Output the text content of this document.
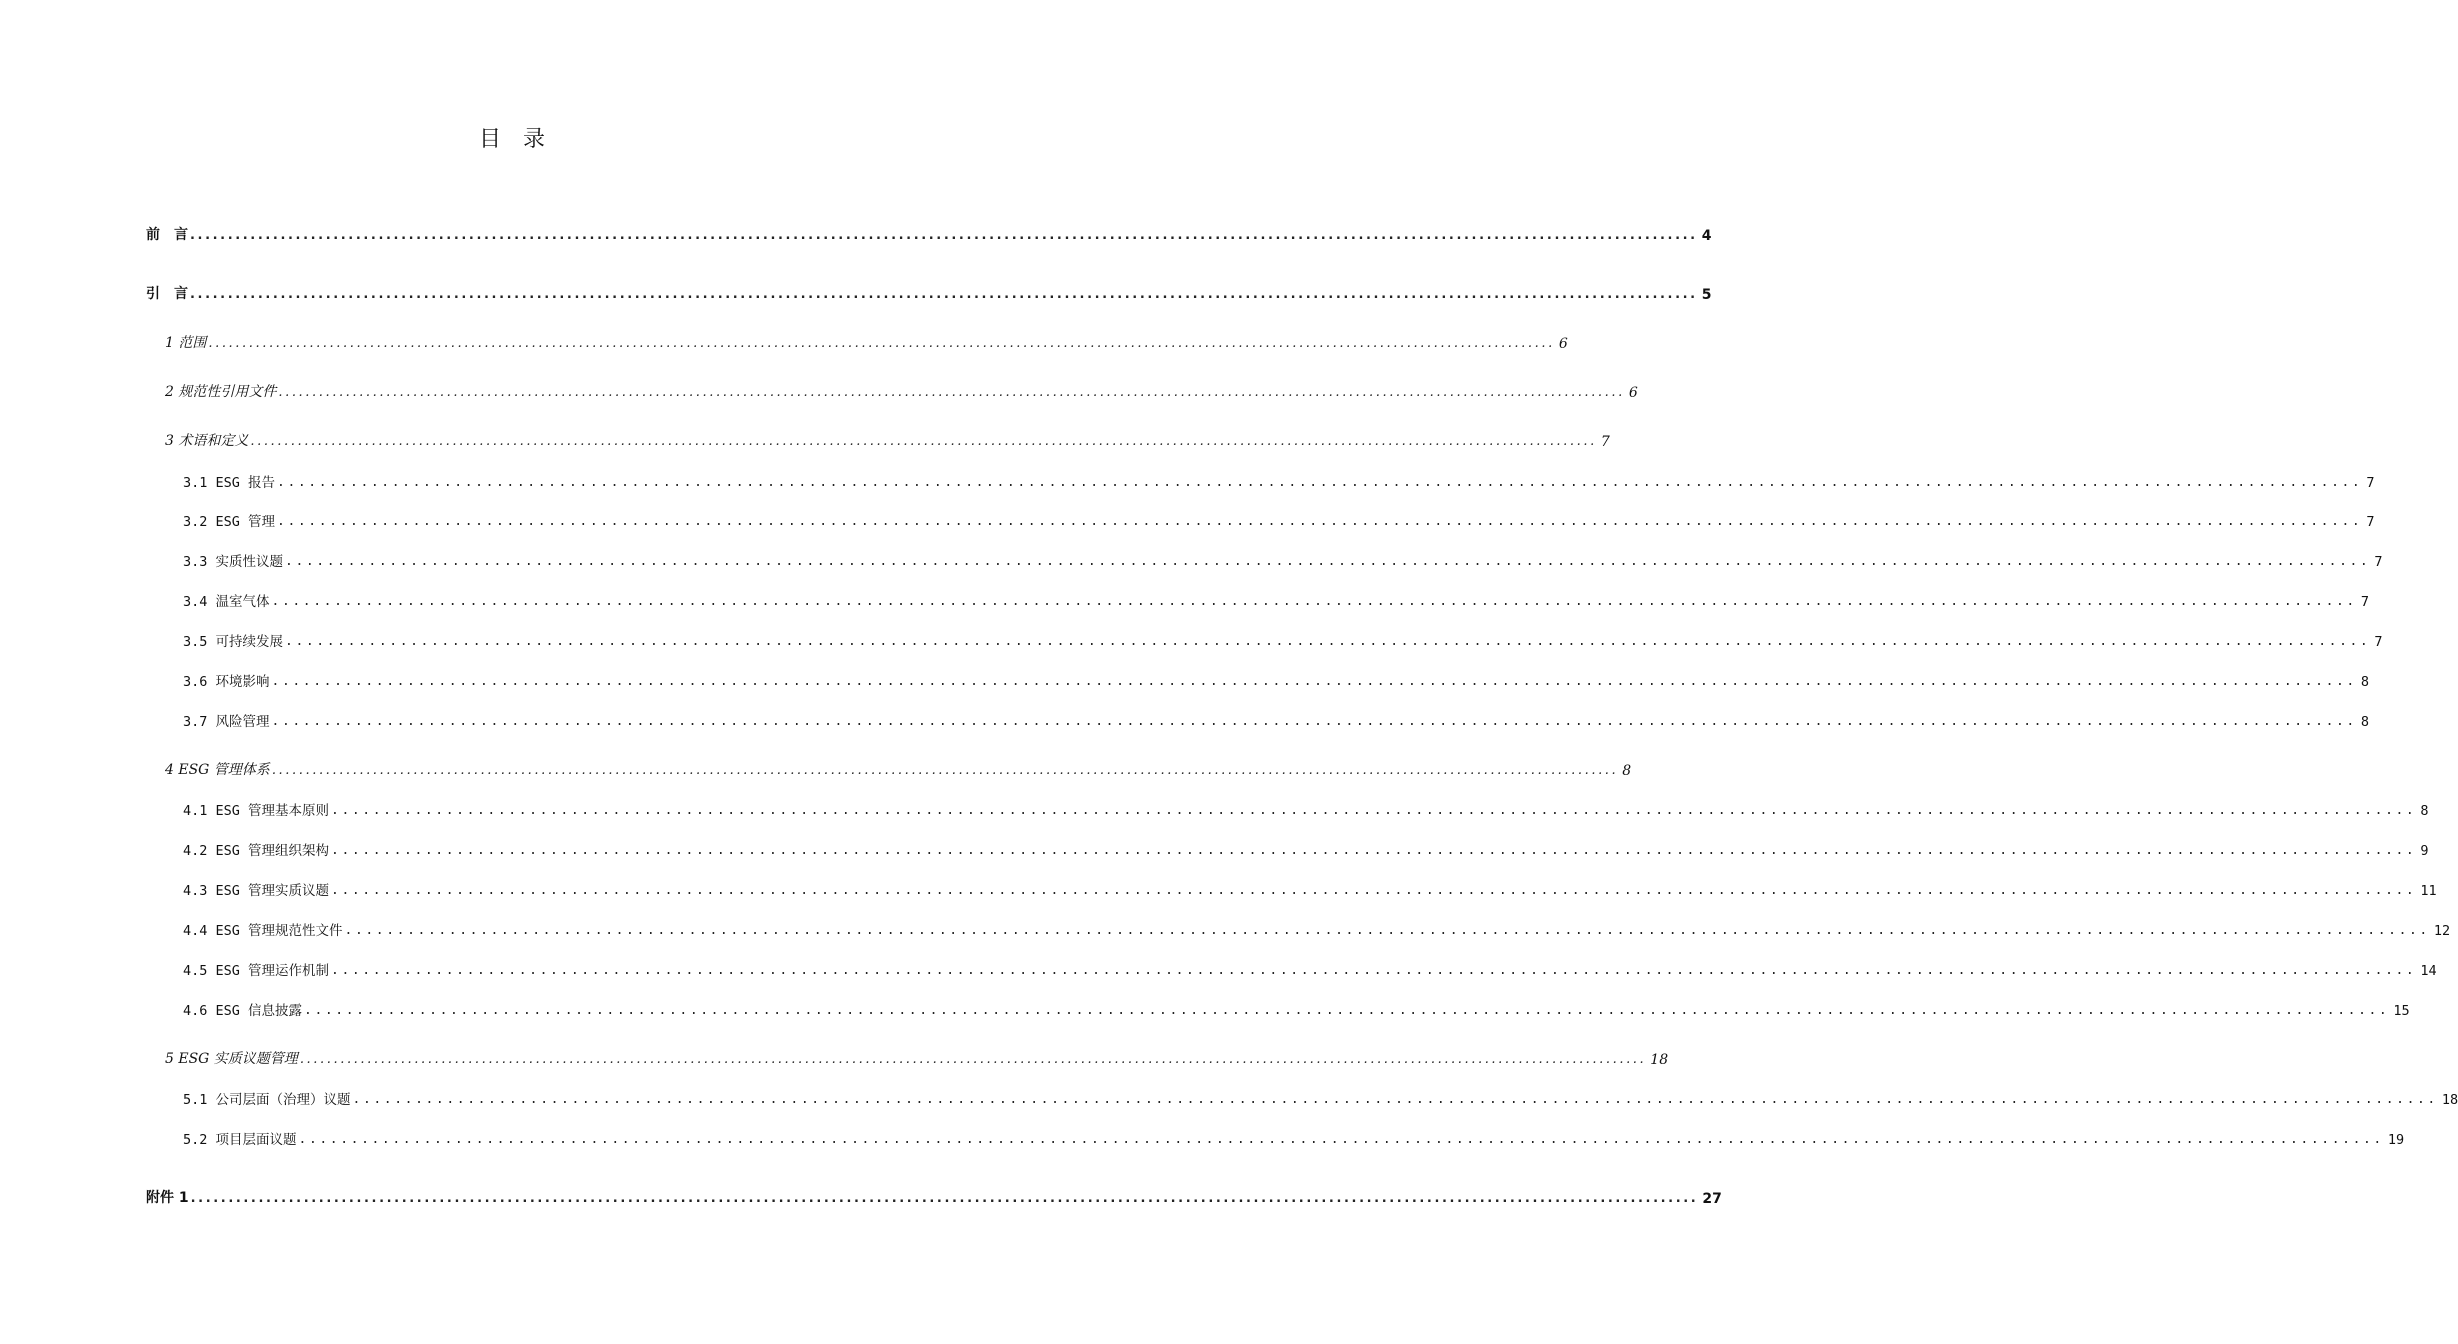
目 录
前　言 ........................................................................................................................................................................................................ 4
引　言 ........................................................................................................................................................................................................ 5
1 范围 ........................................................................................................................................................................................................ 6
2 规范性引用文件 ........................................................................................................................................................................................................ 6
3 术语和定义 ........................................................................................................................................................................................................ 7
3.1 ESG 报告 ........................................................................................................................................................................................................ 7
3.2 ESG 管理 ........................................................................................................................................................................................................ 7
3.3 实质性议题 ........................................................................................................................................................................................................ 7
3.4 温室气体 ........................................................................................................................................................................................................ 7
3.5 可持续发展 ........................................................................................................................................................................................................ 7
3.6 环境影响 ........................................................................................................................................................................................................ 8
3.7 风险管理 ........................................................................................................................................................................................................ 8
4 ESG 管理体系 ........................................................................................................................................................................................................ 8
4.1 ESG 管理基本原则 ........................................................................................................................................................................................................ 8
4.2 ESG 管理组织架构 ........................................................................................................................................................................................................ 9
4.3 ESG 管理实质议题 ........................................................................................................................................................................................................ 11
4.4 ESG 管理规范性文件 ........................................................................................................................................................................................................ 12
4.5 ESG 管理运作机制 ........................................................................................................................................................................................................ 14
4.6 ESG 信息披露 ........................................................................................................................................................................................................ 15
5 ESG 实质议题管理 ........................................................................................................................................................................................................ 18
5.1 公司层面（治理）议题 ........................................................................................................................................................................................................ 18
5.2 项目层面议题 ........................................................................................................................................................................................................ 19
附件 1 ........................................................................................................................................................................................................ 27
